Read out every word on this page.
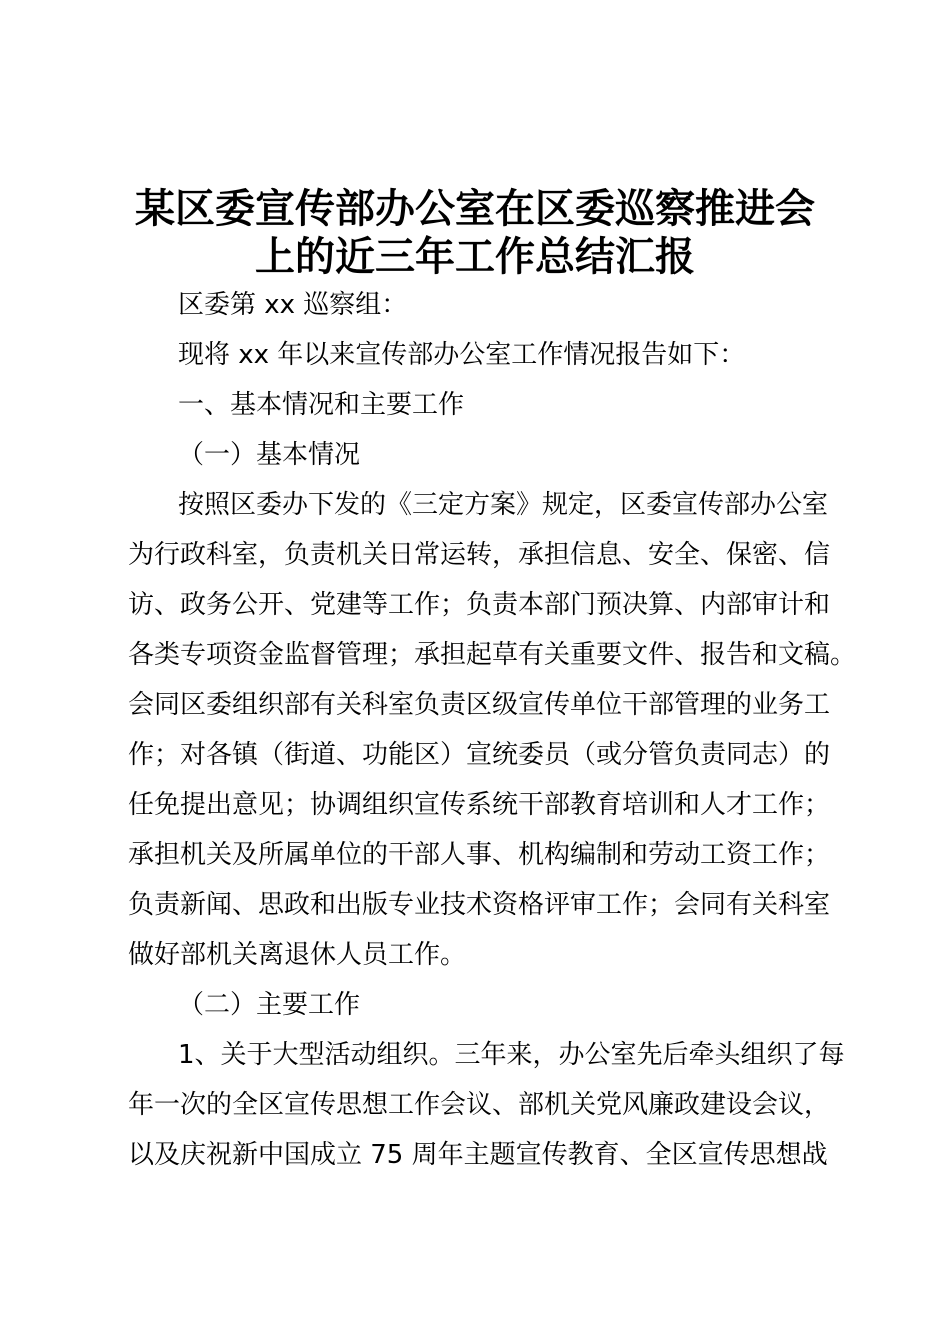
某区委宣传部办公室在区委巡察推进会
上的近三年工作总结汇报

区委第 xx 巡察组：

现将 xx 年以来宣传部办公室工作情况报告如下：

一、基本情况和主要工作

（一）基本情况

按照区委办下发的《三定方案》规定，区委宣传部办公室

为行政科室，负责机关日常运转，承担信息、安全、保密、信

访、政务公开、党建等工作；负责本部门预决算、内部审计和

各类专项资金监督管理；承担起草有关重要文件、报告和文稿。

会同区委组织部有关科室负责区级宣传单位干部管理的业务工

作；对各镇（街道、功能区）宣统委员（或分管负责同志）的

任免提出意见；协调组织宣传系统干部教育培训和人才工作；

承担机关及所属单位的干部人事、机构编制和劳动工资工作；

负责新闻、思政和出版专业技术资格评审工作；会同有关科室

做好部机关离退休人员工作。

（二）主要工作

1、关于大型活动组织。三年来，办公室先后牵头组织了每

年一次的全区宣传思想工作会议、部机关党风廉政建设会议，

以及庆祝新中国成立 75 周年主题宣传教育、全区宣传思想战
